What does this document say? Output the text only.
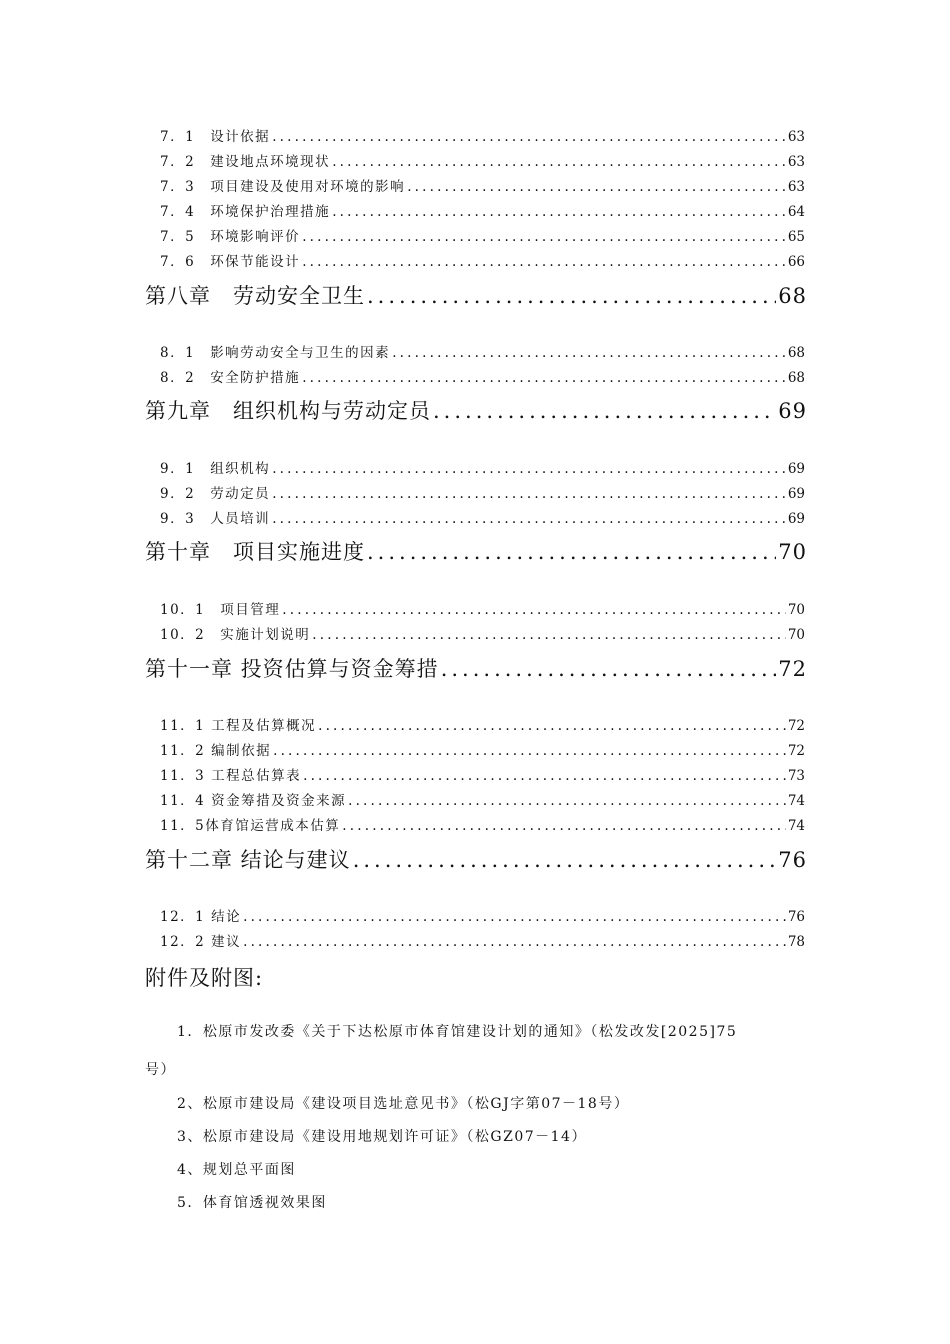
7．1　 设计依据 .....	63
7．2　 建设地点环境现状 .....	63
7．3　 项目建设及使用对环境的影响 .....	63
7．4　 环境保护治理措施 .....	64
7．5　 环境影响评价 .....	65
7．6　 环保节能设计 .....	66
第八章　劳动安全卫生 .....	68
8．1　 影响劳动安全与卫生的因素 .....	68
8．2　 安全防护措施 .....	68
第九章　组织机构与劳动定员 .....	69
9．1　 组织机构 .....	69
9．2　 劳动定员 .....	69
9．3　 人员培训 .....	69
第十章　项目实施进度 .....	70
10．1　 项目管理 .....	70
10．2　 实施计划说明 .....	70
第十一章 投资估算与资金筹措 .....	72
11．1 工程及估算概况 .....	72
11．2 编制依据 .....	72
11．3 工程总估算表 .....	73
11．4 资金筹措及资金来源 .....	74
11．5体育馆运营成本估算 .....	74
第十二章 结论与建议 .....	76
12．1 结论 .....	76
12．2 建议 .....	78
附件及附图:
1．松原市发改委《关于下达松原市体育馆建设计划的通知》（松发改发[2025]75
号）
2、松原市建设局《建设项目选址意见书》（松GJ字第07－18号）
3、松原市建设局《建设用地规划许可证》（松GZ07－14）
4、规划总平面图
5．体育馆透视效果图
